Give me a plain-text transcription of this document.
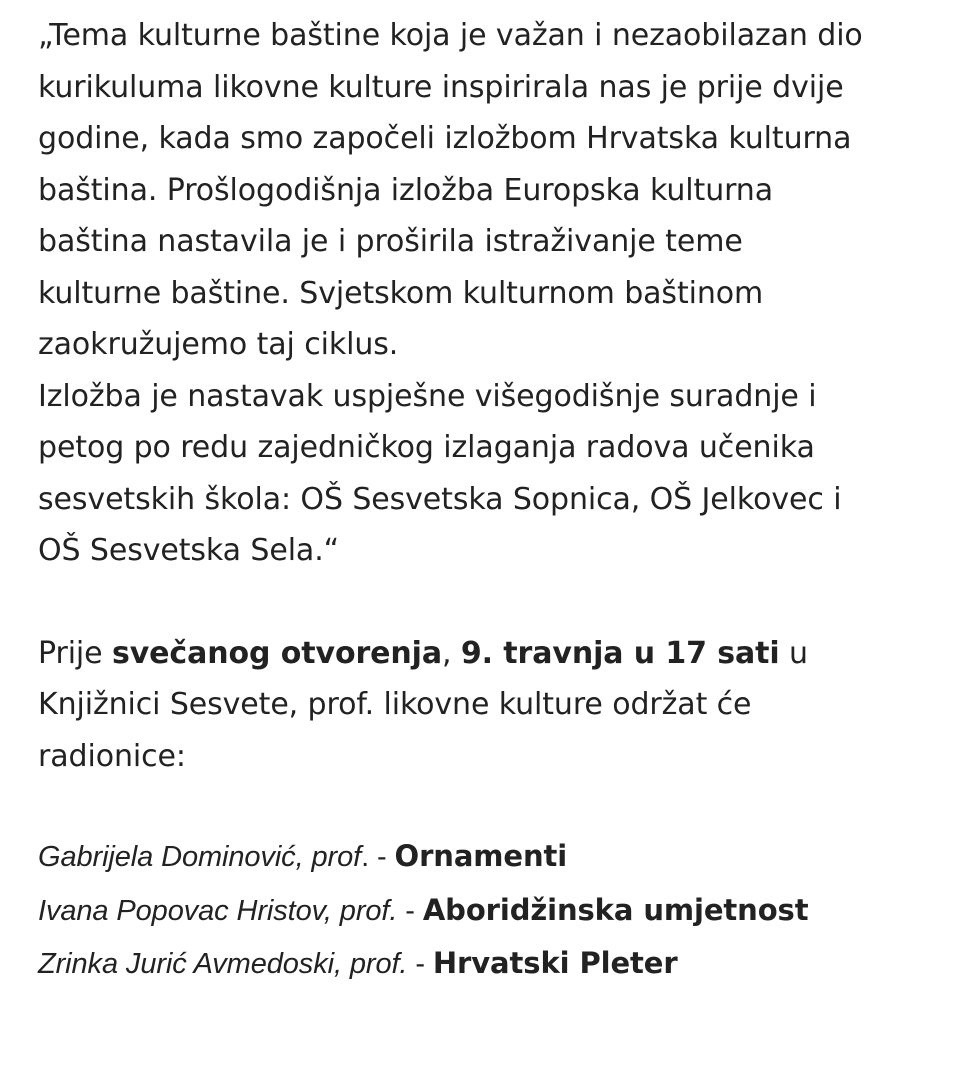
„Tema kulturne baštine koja je važan i nezaobilazan dio
kurikuluma likovne kulture inspirirala nas je prije dvije
godine, kada smo započeli izložbom Hrvatska kulturna
baština. Prošlogodišnja izložba Europska kulturna
baština nastavila je i proširila istraživanje teme
kulturne baštine. Svjetskom kulturnom baštinom
zaokružujemo taj ciklus.
Izložba je nastavak uspješne višegodišnje suradnje i
petog po redu zajedničkog izlaganja radova učenika
sesvetskih škola: OŠ Sesvetska Sopnica, OŠ Jelkovec i
OŠ Sesvetska Sela.“
Prije svečanog otvorenja, 9. travnja u 17 sati u
Knjižnici Sesvete, prof. likovne kulture održat će
radionice:
Gabrijela Dominović, prof. - Ornamenti
Ivana Popovac Hristov, prof. - Aboridžinska umjetnost
Zrinka Jurić Avmedoski, prof. - Hrvatski Pleter
